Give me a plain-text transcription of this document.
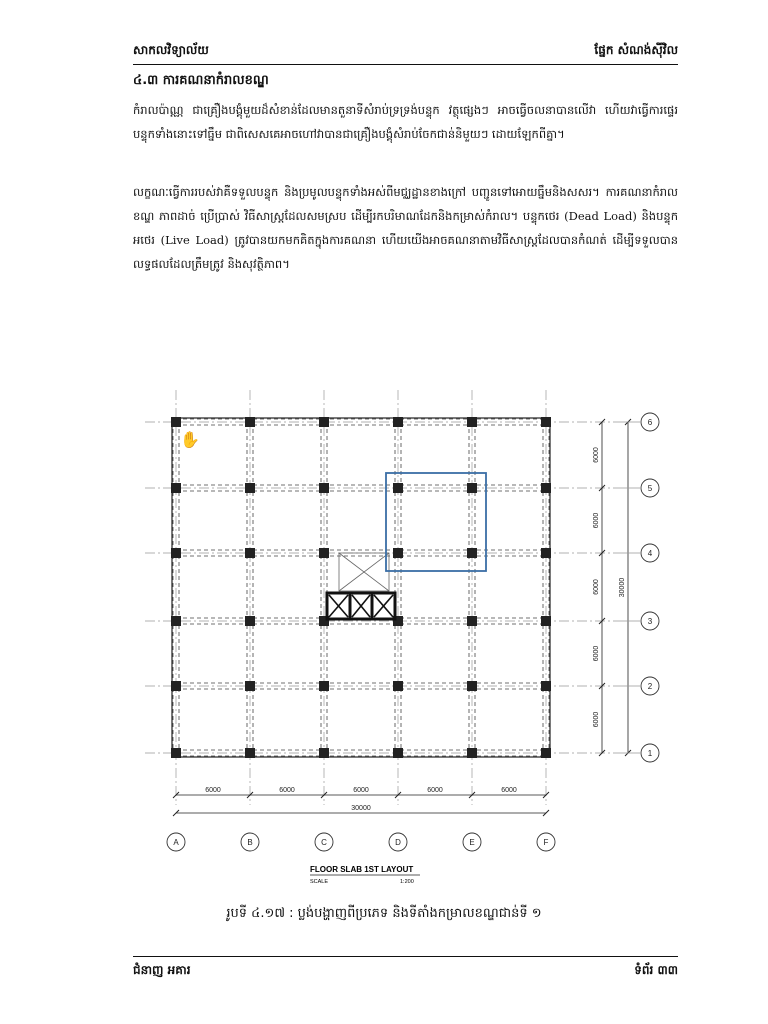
សាកលវិទ្យាល័យ	ផ្នែក សំណង់ស៊ីវិល
៤.៣ ការគណនាកំរាលខណ្ឌ
កំរាលប៉ាណ្ណ ជាគ្រឿងបង្គុំមួយដ៏សំខាន់ដែលមានតួនាទីសំរាប់ទ្រទ្រង់បន្ទុក វត្ថុផ្សេងៗ អាចធ្វើចលនាបានលើវា ហើយវាធ្វើការផ្ទេរបន្ទុកទាំងនោះទៅធ្នឹម ជាពិសេសគេអាចហៅវាបានជាគ្រឿងបង្គុំសំរាប់ចែកជាន់និមួយៗ ដោយឡែកពីគ្នា។
លក្ខណៈធ្វើការរបស់វាគឺទទួលបន្ទុក និងប្រមូលបន្ទុកទាំងអស់ពីមជ្ឈដ្ឋានខាងក្រៅ បញ្ជូនទៅអោយធ្នឹមនិងសសរ។ ការគណនាកំរាលខណ្ឌ ភាពដាច់ ប្រើប្រាស់ វិធីសាស្ត្រដែលសមស្រប ដើម្បីរកបរិមាណដែកនិងកម្រាស់កំរាល។ បន្ទុកថេរ (Dead Load) និងបន្ទុកអថេរ (Live Load) ត្រូវបានយកមកគិតក្នុងការគណនា ហើយយើងអាចគណនាតាមវិធីសាស្ត្រដែលបានកំណត់ ដើម្បីទទួលបានលទ្ធផលដែលត្រឹមត្រូវ និងសុវត្ថិភាព។
✋
6000	6000	6000	6000	6000
30000
6000
6000
6000
6000
6000
30000
A	B	C	D	E	F
1
2
3
4
5
6
FLOOR SLAB 1ST LAYOUT
SCALE	1:200
រូបទី ៤.១៧ : ប្លង់បង្ហាញពីប្រភេទ និងទីតាំងកម្រាលខណ្ឌជាន់ទី ១
ជំនាញ អគារ	ទំព័រ ៣៣
